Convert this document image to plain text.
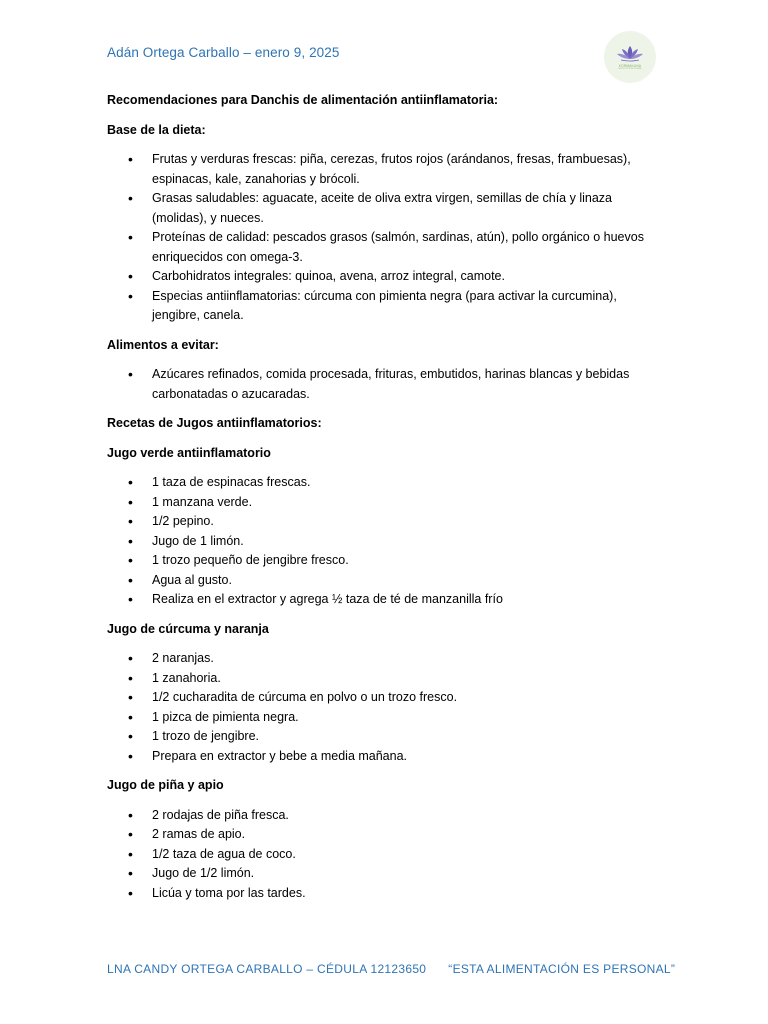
Adán Ortega Carballo – enero 9, 2025
KORMAKUNA
NUTRICIÓN INTEGRAL
Recomendaciones para Danchis de alimentación antiinflamatoria:
Base de la dieta:
• Frutas y verduras frescas: piña, cerezas, frutos rojos (arándanos, fresas, frambuesas), espinacas, kale, zanahorias y brócoli.
• Grasas saludables: aguacate, aceite de oliva extra virgen, semillas de chía y linaza (molidas), y nueces.
• Proteínas de calidad: pescados grasos (salmón, sardinas, atún), pollo orgánico o huevos enriquecidos con omega-3.
• Carbohidratos integrales: quinoa, avena, arroz integral, camote.
• Especias antiinflamatorias: cúrcuma con pimienta negra (para activar la curcumina), jengibre, canela.
Alimentos a evitar:
• Azúcares refinados, comida procesada, frituras, embutidos, harinas blancas y bebidas carbonatadas o azucaradas.
Recetas de Jugos antiinflamatorios:
Jugo verde antiinflamatorio
• 1 taza de espinacas frescas.
• 1 manzana verde.
• 1/2 pepino.
• Jugo de 1 limón.
• 1 trozo pequeño de jengibre fresco.
• Agua al gusto.
• Realiza en el extractor y agrega ½ taza de té de manzanilla frío
Jugo de cúrcuma y naranja
• 2 naranjas.
• 1 zanahoria.
• 1/2 cucharadita de cúrcuma en polvo o un trozo fresco.
• 1 pizca de pimienta negra.
• 1 trozo de jengibre.
• Prepara en extractor y bebe a media mañana.
Jugo de piña y apio
• 2 rodajas de piña fresca.
• 2 ramas de apio.
• 1/2 taza de agua de coco.
• Jugo de 1/2 limón.
• Licúa y toma por las tardes.
LNA CANDY ORTEGA CARBALLO – CÉDULA 12123650 “ESTA ALIMENTACIÓN ES PERSONAL”
